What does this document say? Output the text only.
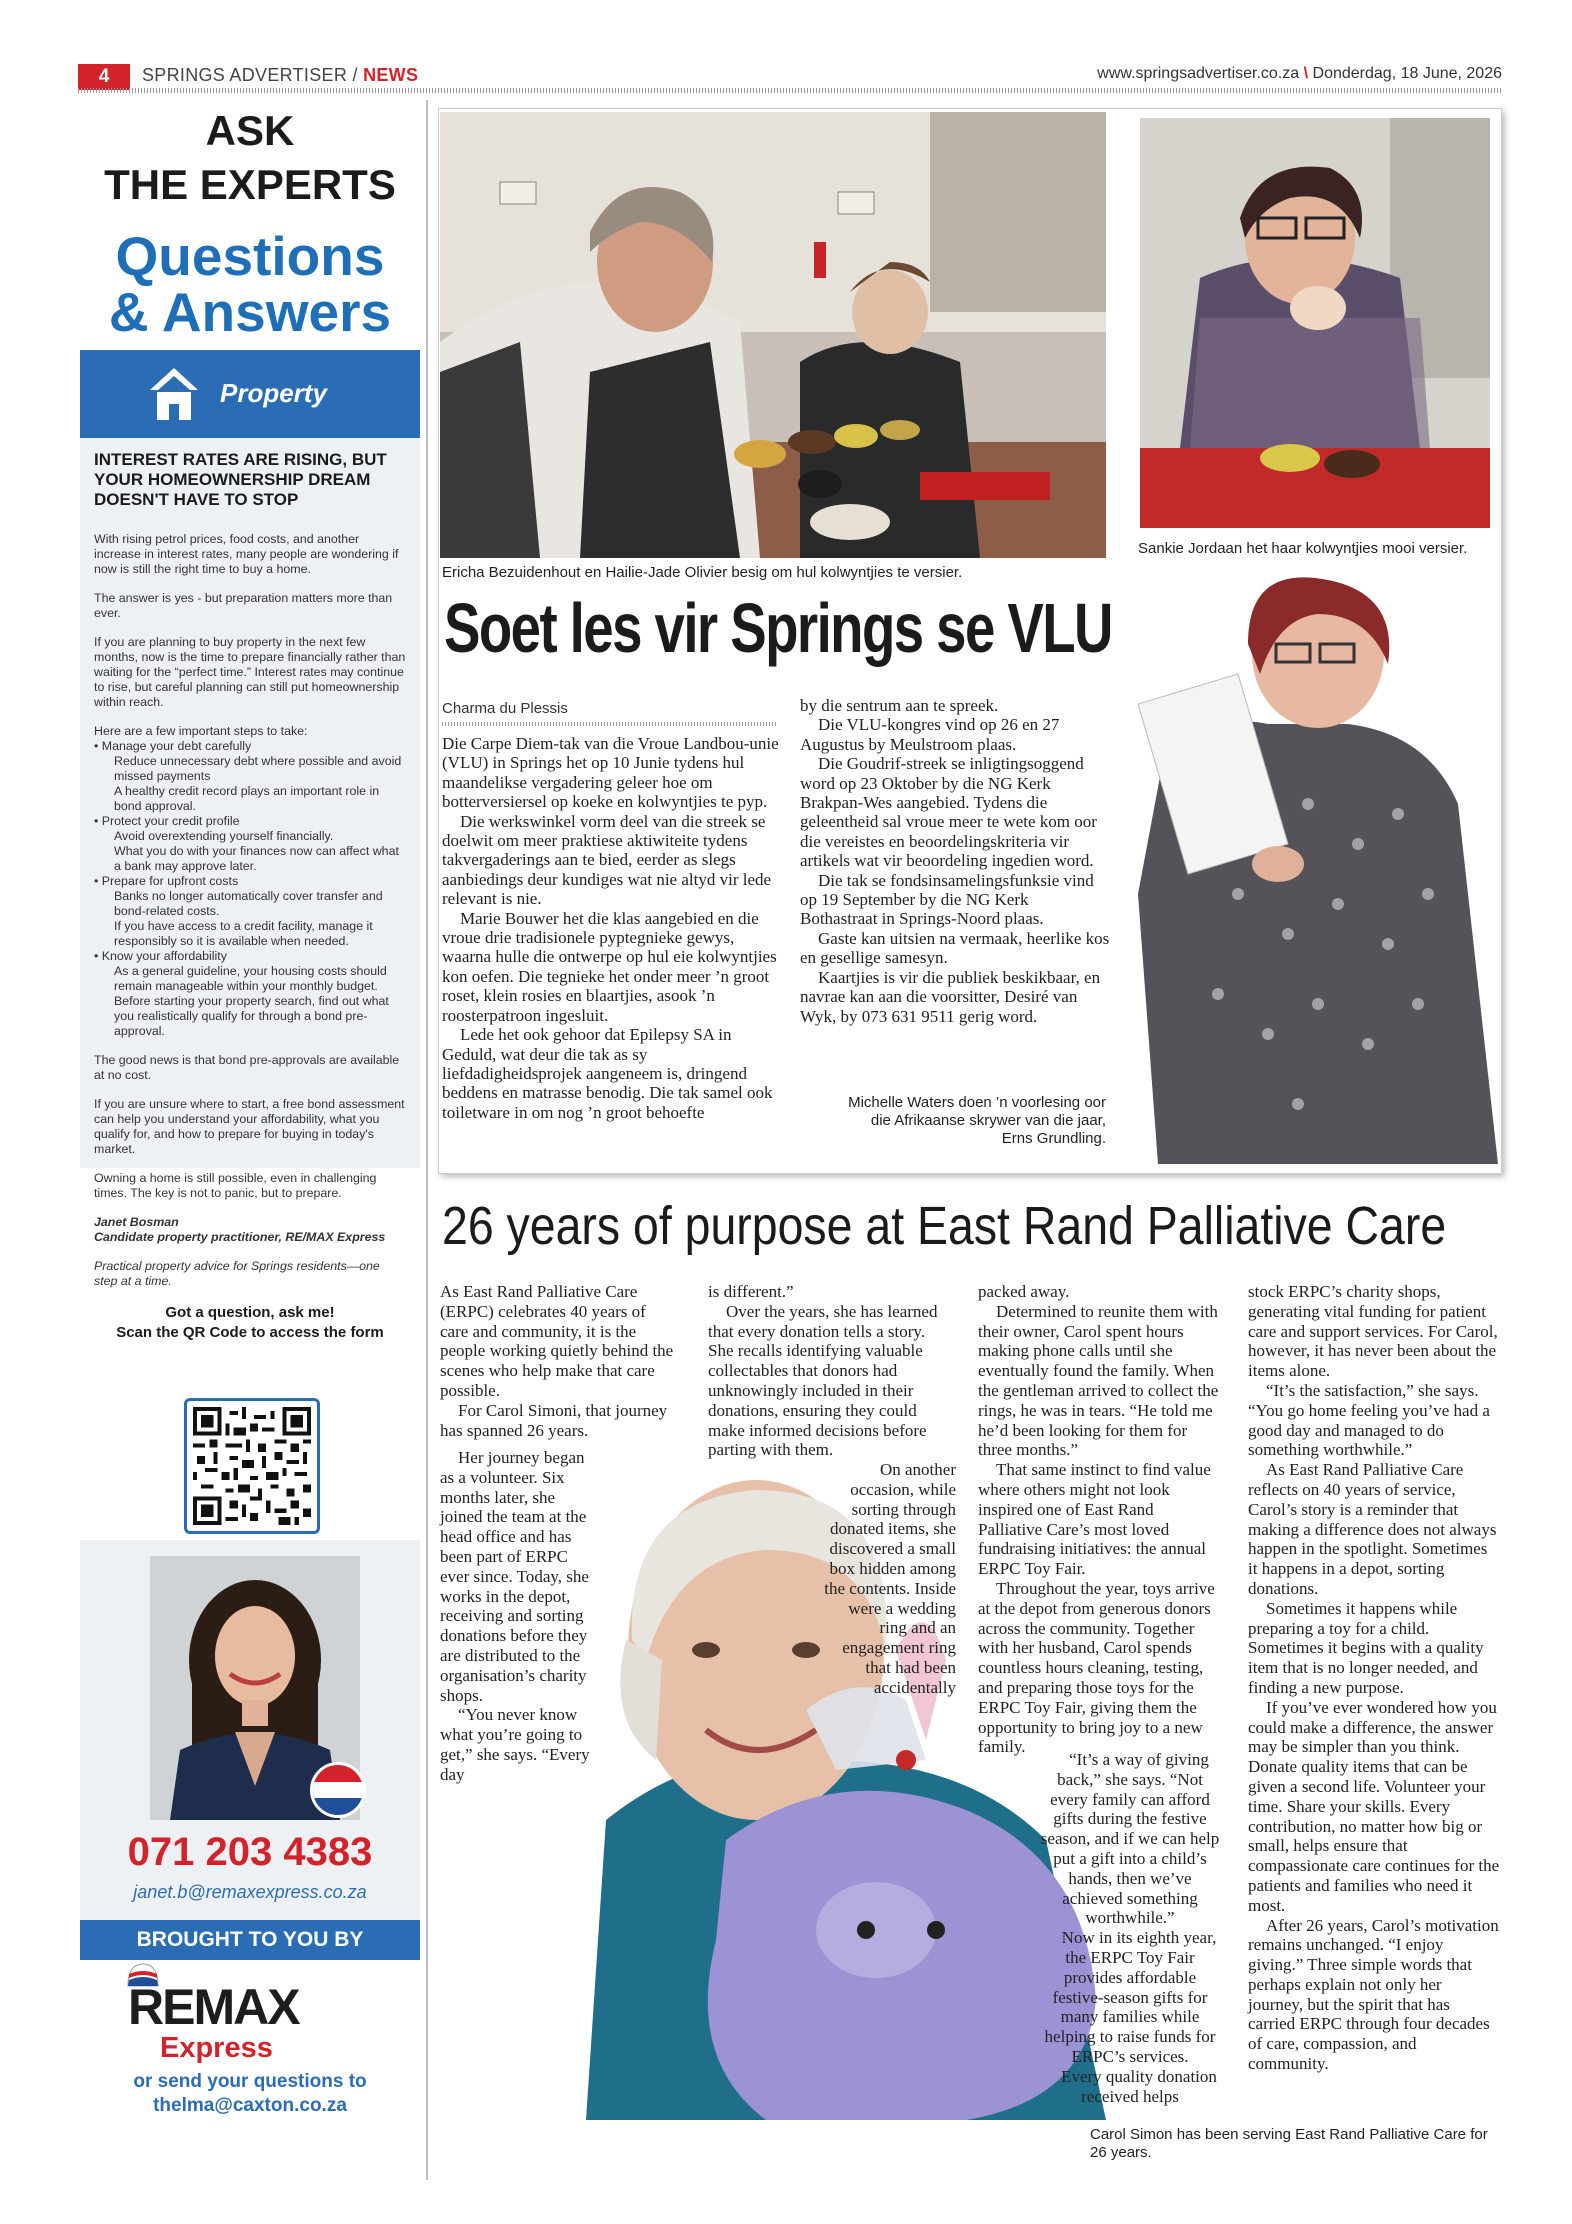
4	SPRINGS ADVERTISER / NEWS	www.springsadvertiser.co.za \ Donderdag, 18 June, 2026
ASK
THE EXPERTS
Questions
& Answers
Property
INTEREST RATES ARE RISING, BUT YOUR HOMEOWNERSHIP DREAM DOESN'T HAVE TO STOP

With rising petrol prices, food costs, and another increase in interest rates, many people are wondering if now is still the right time to buy a home.

The answer is yes - but preparation matters more than ever.

If you are planning to buy property in the next few months, now is the time to prepare financially rather than waiting for the “perfect time.” Interest rates may continue to rise, but careful planning can still put homeownership within reach.

Here are a few important steps to take:

• Manage your debt carefully

Reduce unnecessary debt where possible and avoid missed payments

A healthy credit record plays an important role in bond approval.

• Protect your credit profile

Avoid overextending yourself financially.

What you do with your finances now can affect what a bank may approve later.

• Prepare for upfront costs

Banks no longer automatically cover transfer and bond-related costs.

If you have access to a credit facility, manage it responsibly so it is available when needed.

• Know your affordability

As a general guideline, your housing costs should remain manageable within your monthly budget.

Before starting your property search, find out what you realistically qualify for through a bond pre-approval.

The good news is that bond pre-approvals are available at no cost.

If you are unsure where to start, a free bond assessment can help you understand your affordability, what you qualify for, and how to prepare for buying in today's market.

Owning a home is still possible, even in challenging times. The key is not to panic, but to prepare.

Janet Bosman

Candidate property practitioner, RE/MAX Express

Practical property advice for Springs residents—one step at a time.

Got a question, ask me!
Scan the QR Code to access the form
071 203 4383
janet.b@remaxexpress.co.za
BROUGHT TO YOU BY
REMAX
Express
or send your questions to
thelma@caxton.co.za
Ericha Bezuidenhout en Hailie-Jade Olivier besig om hul kolwyntjies te versier.
Sankie Jordaan het haar kolwyntjies mooi versier.
Soet les vir Springs se VLU
Charma du Plessis

Die Carpe Diem-tak van die Vroue Landbou-unie (VLU) in Springs het op 10 Junie tydens hul maandelikse vergadering geleer hoe om botterversiersel op koeke en kolwyntjies te pyp.

Die werkswinkel vorm deel van die streek se doelwit om meer praktiese aktiwiteite tydens takvergaderings aan te bied, eerder as slegs aanbiedings deur kundiges wat nie altyd vir lede relevant is nie.

Marie Bouwer het die klas aangebied en die vroue drie tradisionele pyptegnieke gewys, waarna hulle die ontwerpe op hul eie kolwyntjies kon oefen. Die tegnieke het onder meer ’n groot roset, klein rosies en blaartjies, asook ’n roosterpatroon ingesluit.

Lede het ook gehoor dat Epilepsy SA in Geduld, wat deur die tak as sy liefdadigheidsprojek aangeneem is, dringend beddens en matrasse benodig. Die tak samel ook toiletware in om nog ’n groot behoefte

by die sentrum aan te spreek.

Die VLU-kongres vind op 26 en 27 Augustus by Meulstroom plaas.

Die Goudrif-streek se inligtingsoggend word op 23 Oktober by die NG Kerk Brakpan-Wes aangebied. Tydens die geleentheid sal vroue meer te wete kom oor die vereistes en beoordelingskriteria vir artikels wat vir beoordeling ingedien word.

Die tak se fondsinsamelingsfunksie vind op 19 September by die NG Kerk Bothastraat in Springs-Noord plaas.

Gaste kan uitsien na vermaak, heerlike kos en gesellige samesyn.

Kaartjies is vir die publiek beskikbaar, en navrae kan aan die voorsitter, Desiré van Wyk, by 073 631 9511 gerig word.

Michelle Waters doen ’n voorlesing oor
die Afrikaanse skrywer van die jaar,
Erns Grundling.
26 years of purpose at East Rand Palliative Care

As East Rand Palliative Care (ERPC) celebrates 40 years of care and community, it is the people working quietly behind the scenes who help make that care possible.

For Carol Simoni, that journey has spanned 26 years.

Her journey began as a volunteer. Six months later, she joined the team at the head office and has been part of ERPC ever since. Today, she works in the depot, receiving and sorting donations before they are distributed to the organisation’s charity shops.

“You never know what you’re going to get,” she says. “Every day

is different.”

Over the years, she has learned that every donation tells a story. She recalls identifying valuable collectables that donors had unknowingly included in their donations, ensuring they could make informed decisions before parting with them.

On another occasion, while sorting through donated items, she discovered a small box hidden among the contents. Inside were a wedding ring and an engagement ring that had been accidentally

packed away.

Determined to reunite them with their owner, Carol spent hours making phone calls until she eventually found the family. When the gentleman arrived to collect the rings, he was in tears. “He told me he’d been looking for them for three months.”

That same instinct to find value where others might not look inspired one of East Rand Palliative Care’s most loved fundraising initiatives: the annual ERPC Toy Fair.

Throughout the year, toys arrive at the depot from generous donors across the community. Together with her husband, Carol spends countless hours cleaning, testing, and preparing those toys for the ERPC Toy Fair, giving them the opportunity to bring joy to a new family.

“It’s a way of giving back,” she says. “Not every family can afford gifts during the festive season, and if we can help put a gift into a child’s hands, then we’ve achieved something worthwhile.”

Now in its eighth year, the ERPC Toy Fair provides affordable festive-season gifts for many families while helping to raise funds for ERPC’s services.

Every quality donation received helps

stock ERPC’s charity shops, generating vital funding for patient care and support services. For Carol, however, it has never been about the items alone.

“It’s the satisfaction,” she says. “You go home feeling you’ve had a good day and managed to do something worthwhile.”

As East Rand Palliative Care reflects on 40 years of service, Carol’s story is a reminder that making a difference does not always happen in the spotlight. Sometimes it happens in a depot, sorting donations.

Sometimes it happens while preparing a toy for a child. Sometimes it begins with a quality item that is no longer needed, and finding a new purpose.

If you’ve ever wondered how you could make a difference, the answer may be simpler than you think. Donate quality items that can be given a second life. Volunteer your time. Share your skills. Every contribution, no matter how big or small, helps ensure that compassionate care continues for the patients and families who need it most.

After 26 years, Carol’s motivation remains unchanged. “I enjoy giving.” Three simple words that perhaps explain not only her journey, but the spirit that has carried ERPC through four decades of care, compassion, and community.

Carol Simon has been serving East Rand Palliative Care for 26 years.
